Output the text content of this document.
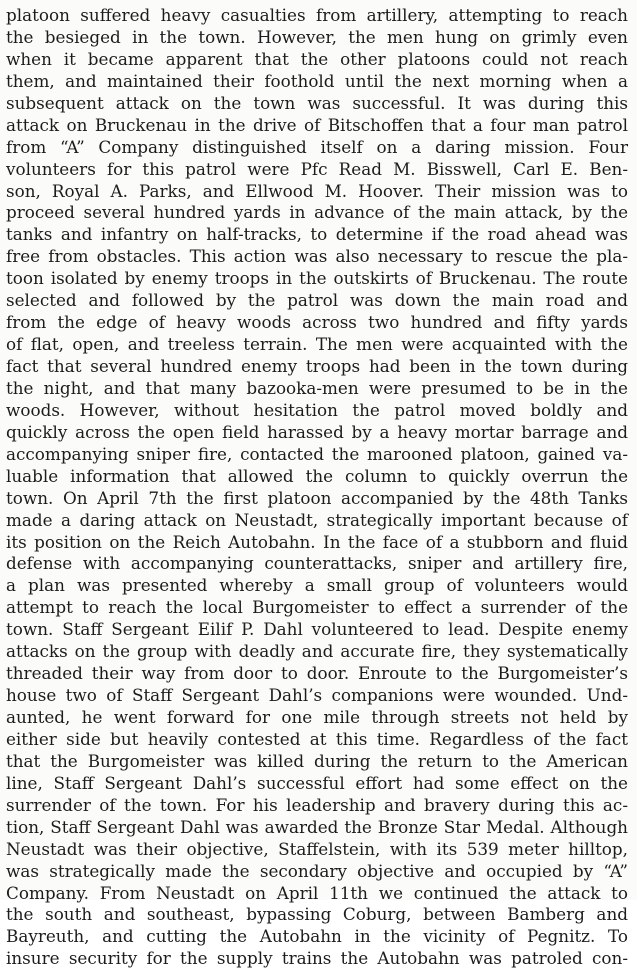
platoon suffered heavy casualties from artillery, attempting to reach
the besieged in the town. However, the men hung on grimly even
when it became apparent that the other platoons could not reach
them, and maintained their foothold until the next morning when a
subsequent attack on the town was successful. It was during this
attack on Bruckenau in the drive of Bitschoffen that a four man patrol
from “A” Company distinguished itself on a daring mission. Four
volunteers for this patrol were Pfc Read M. Bisswell, Carl E. Ben-
son, Royal A. Parks, and Ellwood M. Hoover. Their mission was to
proceed several hundred yards in advance of the main attack, by the
tanks and infantry on half-tracks, to determine if the road ahead was
free from obstacles. This action was also necessary to rescue the pla-
toon isolated by enemy troops in the outskirts of Bruckenau. The route
selected and followed by the patrol was down the main road and
from the edge of heavy woods across two hundred and fifty yards
of flat, open, and treeless terrain. The men were acquainted with the
fact that several hundred enemy troops had been in the town during
the night, and that many bazooka-men were presumed to be in the
woods. However, without hesitation the patrol moved boldly and
quickly across the open field harassed by a heavy mortar barrage and
accompanying sniper fire, contacted the marooned platoon, gained va-
luable information that allowed the column to quickly overrun the
town. On April 7th the first platoon accompanied by the 48th Tanks
made a daring attack on Neustadt, strategically important because of
its position on the Reich Autobahn. In the face of a stubborn and fluid
defense with accompanying counterattacks, sniper and artillery fire,
a plan was presented whereby a small group of volunteers would
attempt to reach the local Burgomeister to effect a surrender of the
town. Staff Sergeant Eilif P. Dahl volunteered to lead. Despite enemy
attacks on the group with deadly and accurate fire, they systematically
threaded their way from door to door. Enroute to the Burgomeister’s
house two of Staff Sergeant Dahl’s companions were wounded. Und-
aunted, he went forward for one mile through streets not held by
either side but heavily contested at this time. Regardless of the fact
that the Burgomeister was killed during the return to the American
line, Staff Sergeant Dahl’s successful effort had some effect on the
surrender of the town. For his leadership and bravery during this ac-
tion, Staff Sergeant Dahl was awarded the Bronze Star Medal. Although
Neustadt was their objective, Staffelstein, with its 539 meter hilltop,
was strategically made the secondary objective and occupied by “A”
Company. From Neustadt on April 11th we continued the attack to
the south and southeast, bypassing Coburg, between Bamberg and
Bayreuth, and cutting the Autobahn in the vicinity of Pegnitz. To
insure security for the supply trains the Autobahn was patroled con-
